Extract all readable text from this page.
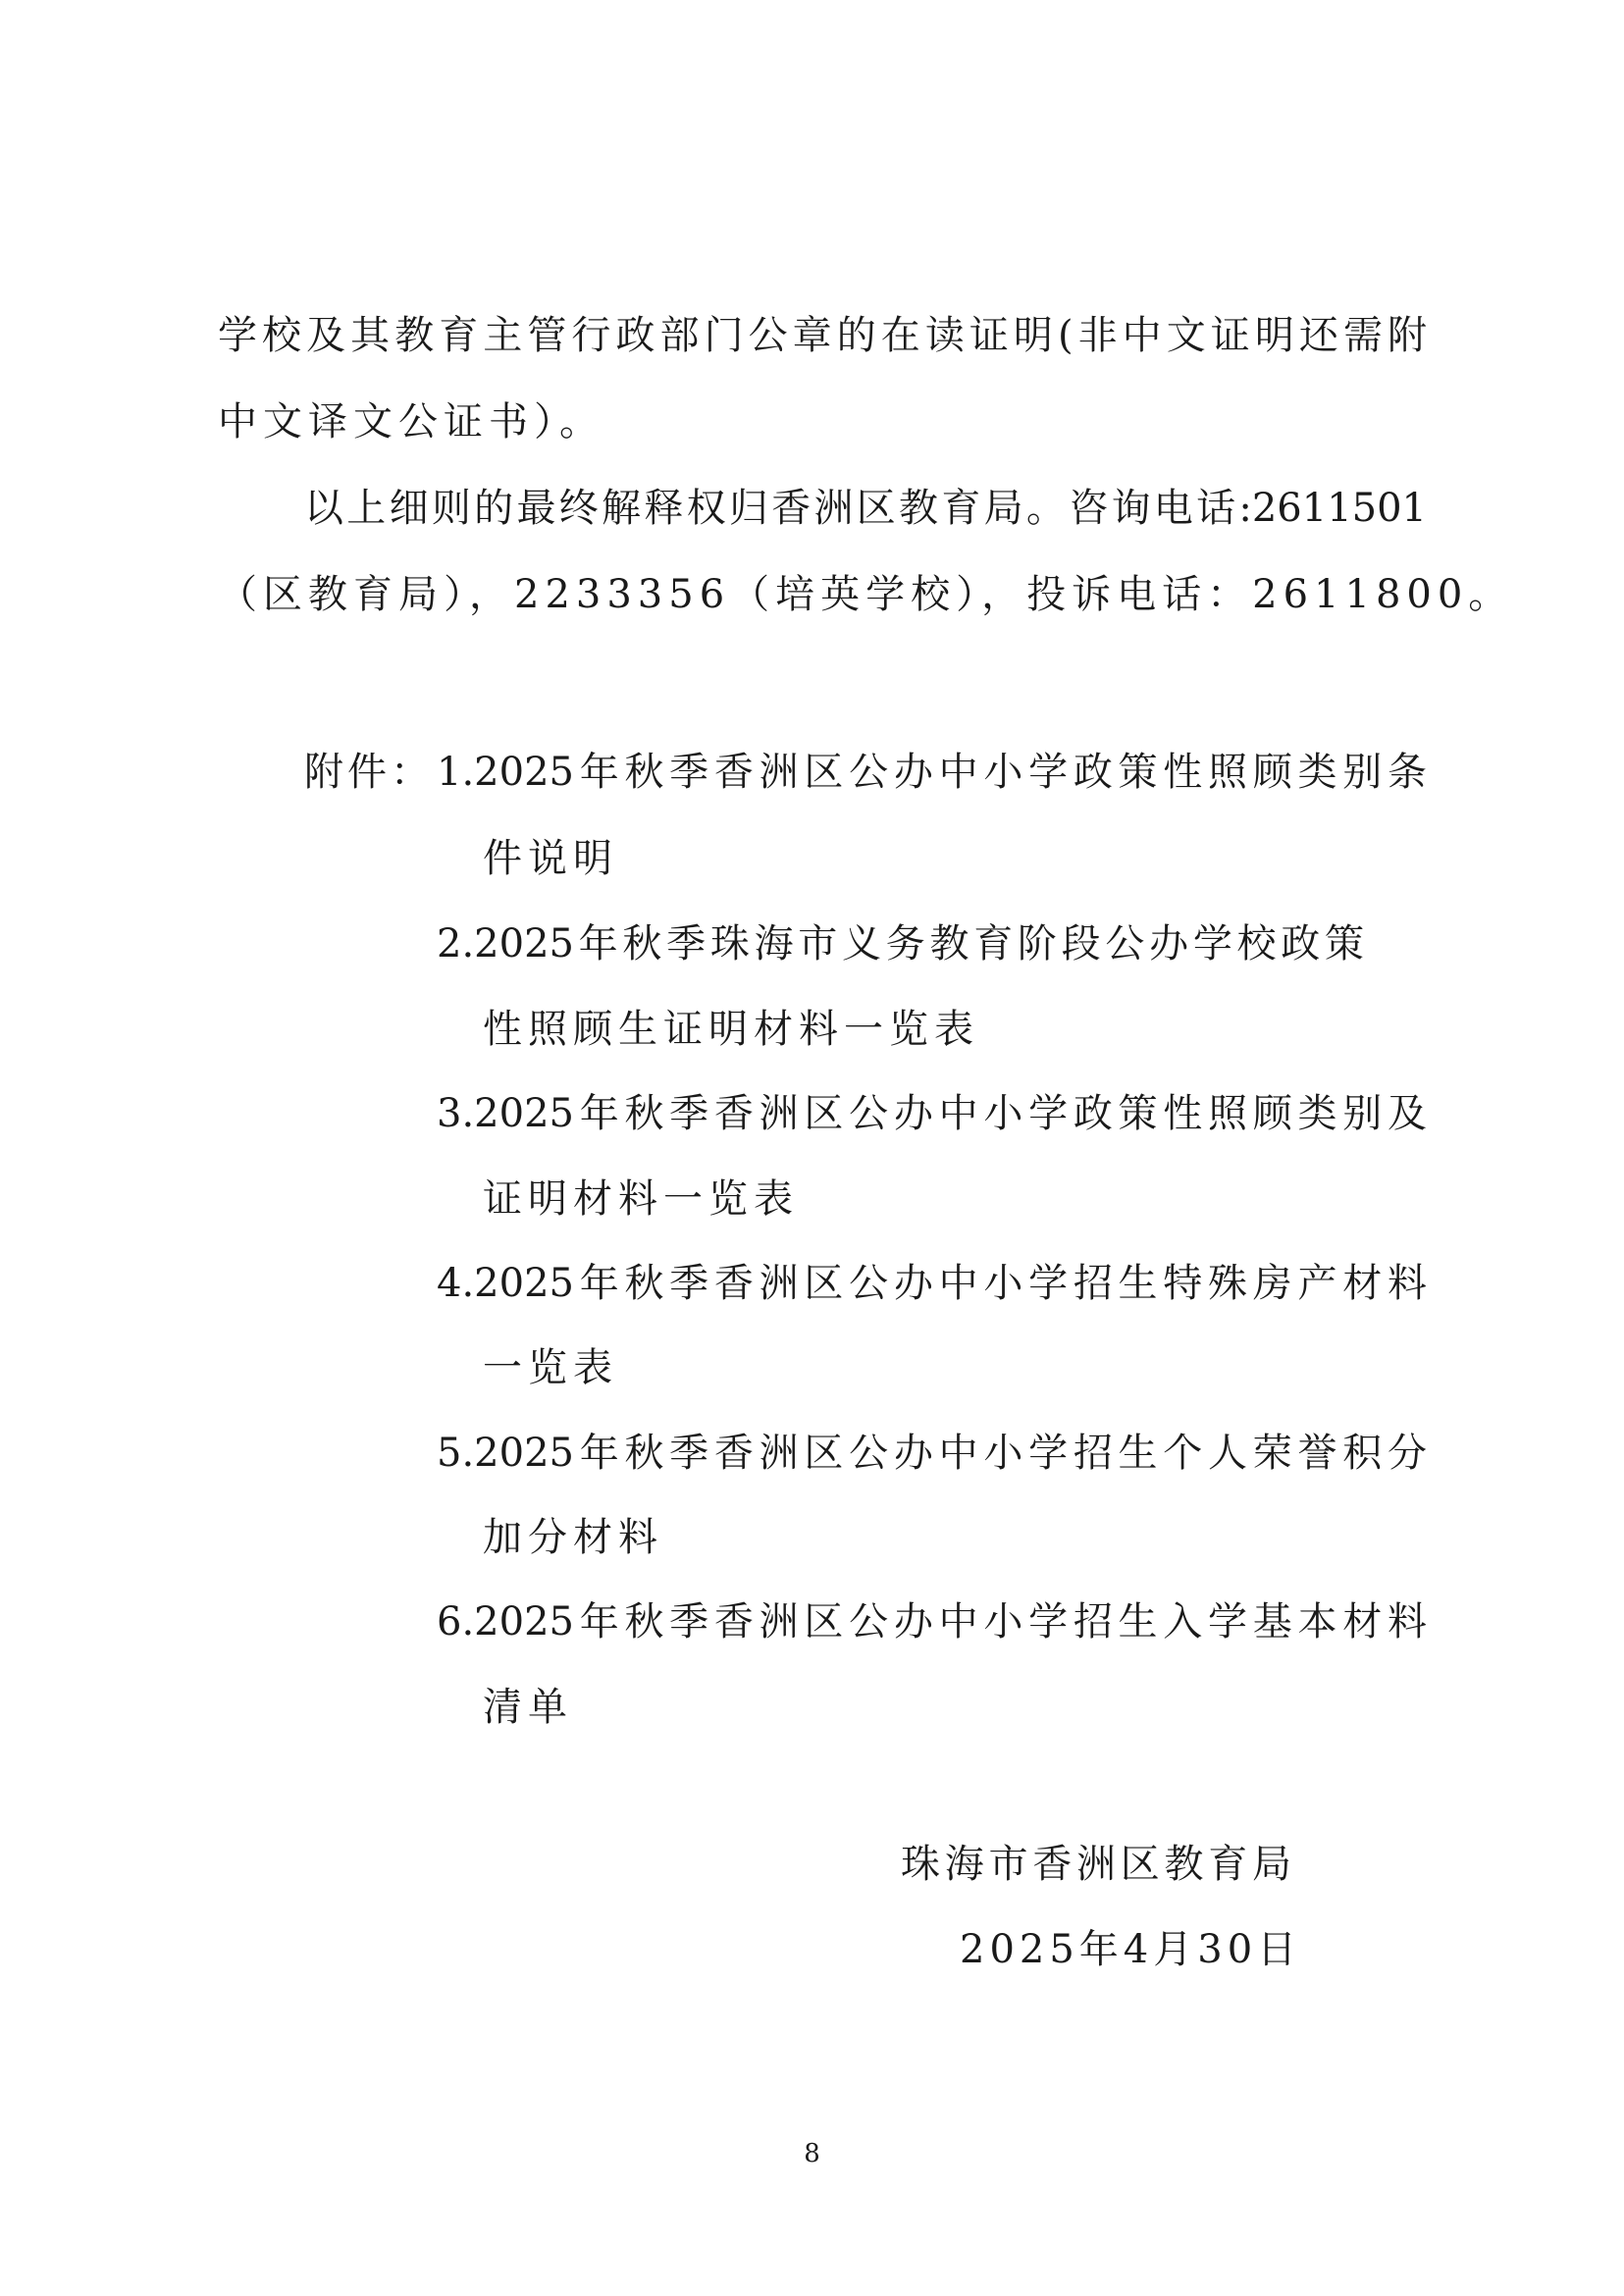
学校及其教育主管行政部门公章的在读证明(非中文证明还需附
中文译文公证书）。
以上细则的最终解释权归香洲区教育局。咨询电话:2611501
（区教育局），2233356（培英学校），投诉电话：2611800。
附件： 1.2025年秋季香洲区公办中小学政策性照顾类别条
件说明
2.2025年秋季珠海市义务教育阶段公办学校政策
性照顾生证明材料一览表
3.2025年秋季香洲区公办中小学政策性照顾类别及
证明材料一览表
4.2025年秋季香洲区公办中小学招生特殊房产材料
一览表
5.2025年秋季香洲区公办中小学招生个人荣誉积分
加分材料
6.2025年秋季香洲区公办中小学招生入学基本材料
清单
珠海市香洲区教育局
2025年4月30日
8
